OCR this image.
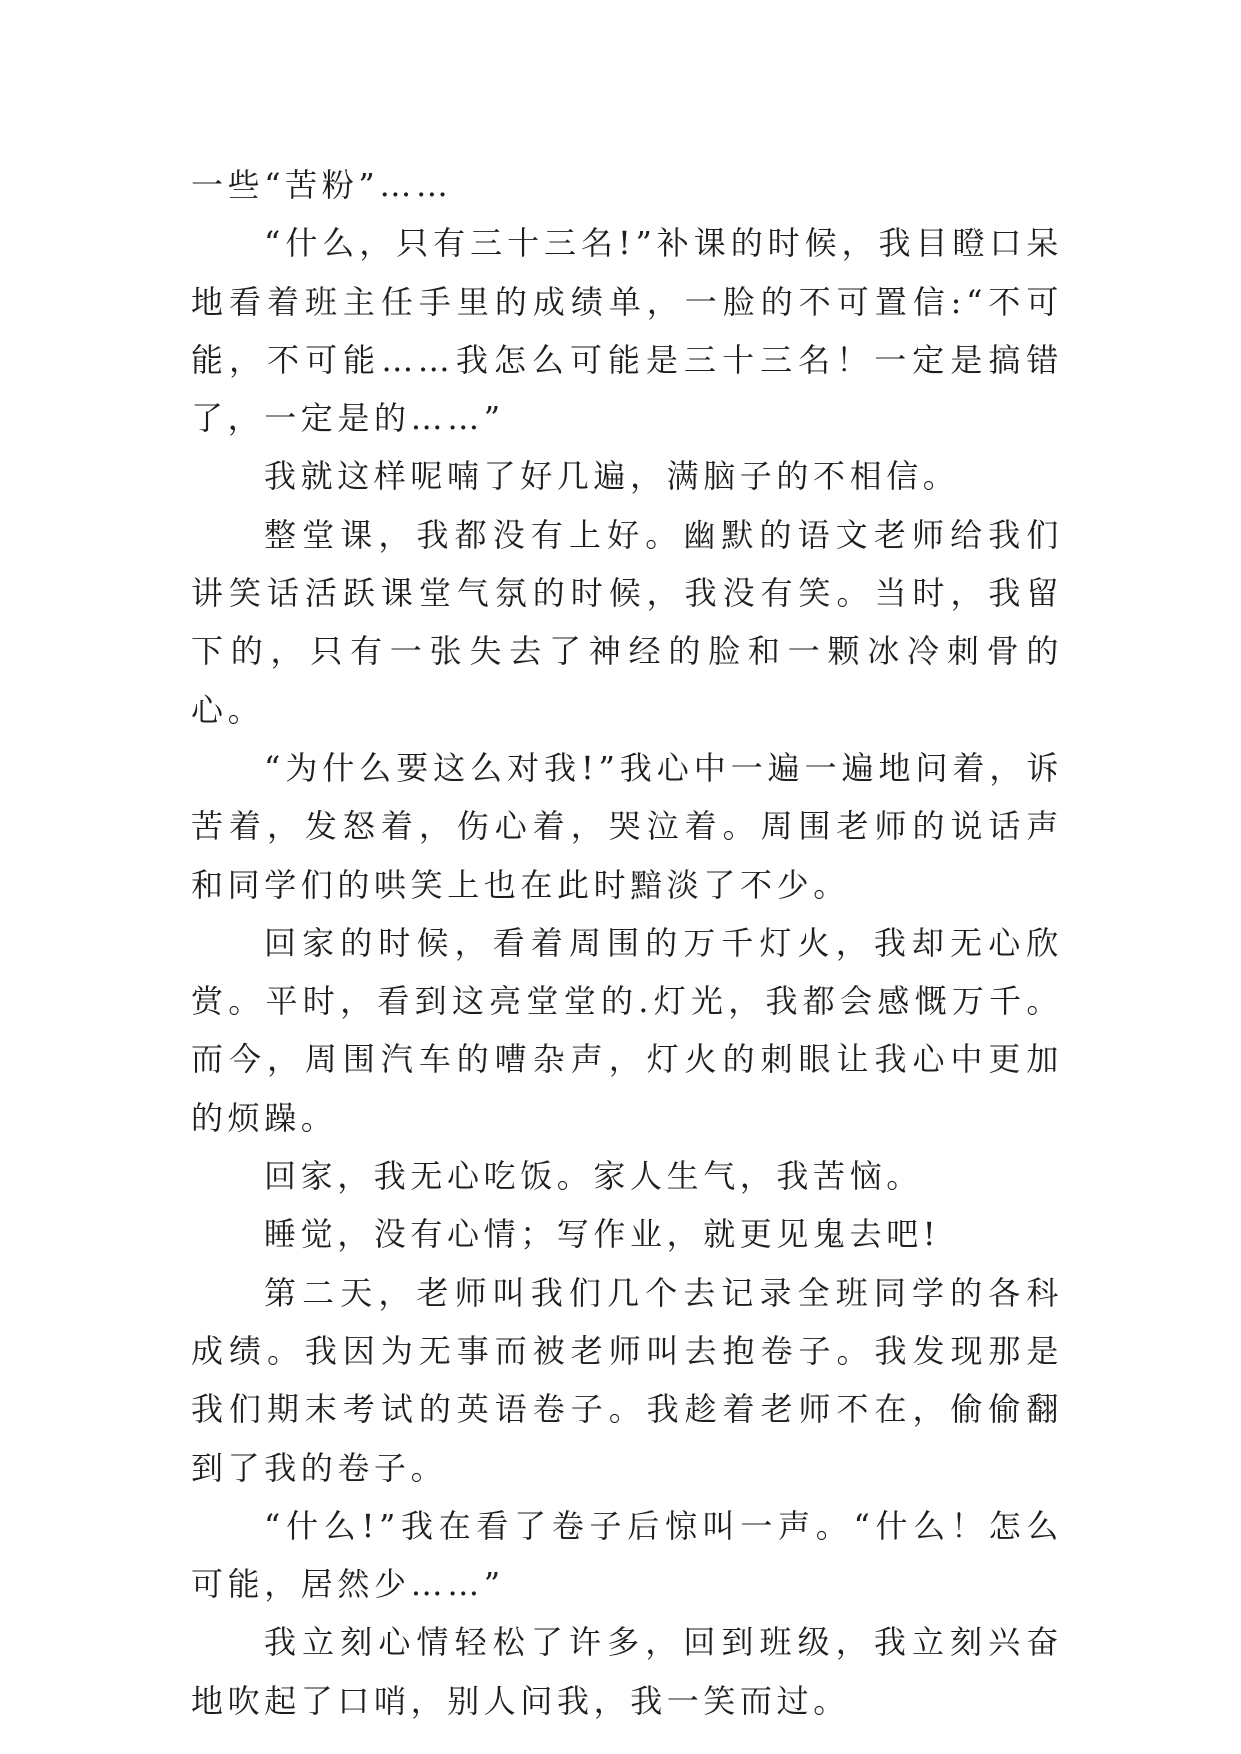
一些“苦粉”……

“什么，只有三十三名!”补课的时候，我目瞪口呆地看着班主任手里的成绩单，一脸的不可置信:“不可能，不可能……我怎么可能是三十三名！一定是搞错了，一定是的……”

我就这样呢喃了好几遍，满脑子的不相信。

整堂课，我都没有上好。幽默的语文老师给我们讲笑话活跃课堂气氛的时候，我没有笑。当时，我留下的，只有一张失去了神经的脸和一颗冰冷刺骨的心。

“为什么要这么对我!”我心中一遍一遍地问着，诉苦着，发怒着，伤心着，哭泣着。周围老师的说话声和同学们的哄笑上也在此时黯淡了不少。

回家的时候，看着周围的万千灯火，我却无心欣赏。平时，看到这亮堂堂的.灯光，我都会感慨万千。而今，周围汽车的嘈杂声，灯火的刺眼让我心中更加的烦躁。

回家，我无心吃饭。家人生气，我苦恼。

睡觉，没有心情；写作业，就更见鬼去吧!

第二天，老师叫我们几个去记录全班同学的各科成绩。我因为无事而被老师叫去抱卷子。我发现那是我们期末考试的英语卷子。我趁着老师不在，偷偷翻到了我的卷子。

“什么!”我在看了卷子后惊叫一声。“什么！怎么可能，居然少……”

我立刻心情轻松了许多，回到班级，我立刻兴奋地吹起了口哨，别人问我，我一笑而过。
